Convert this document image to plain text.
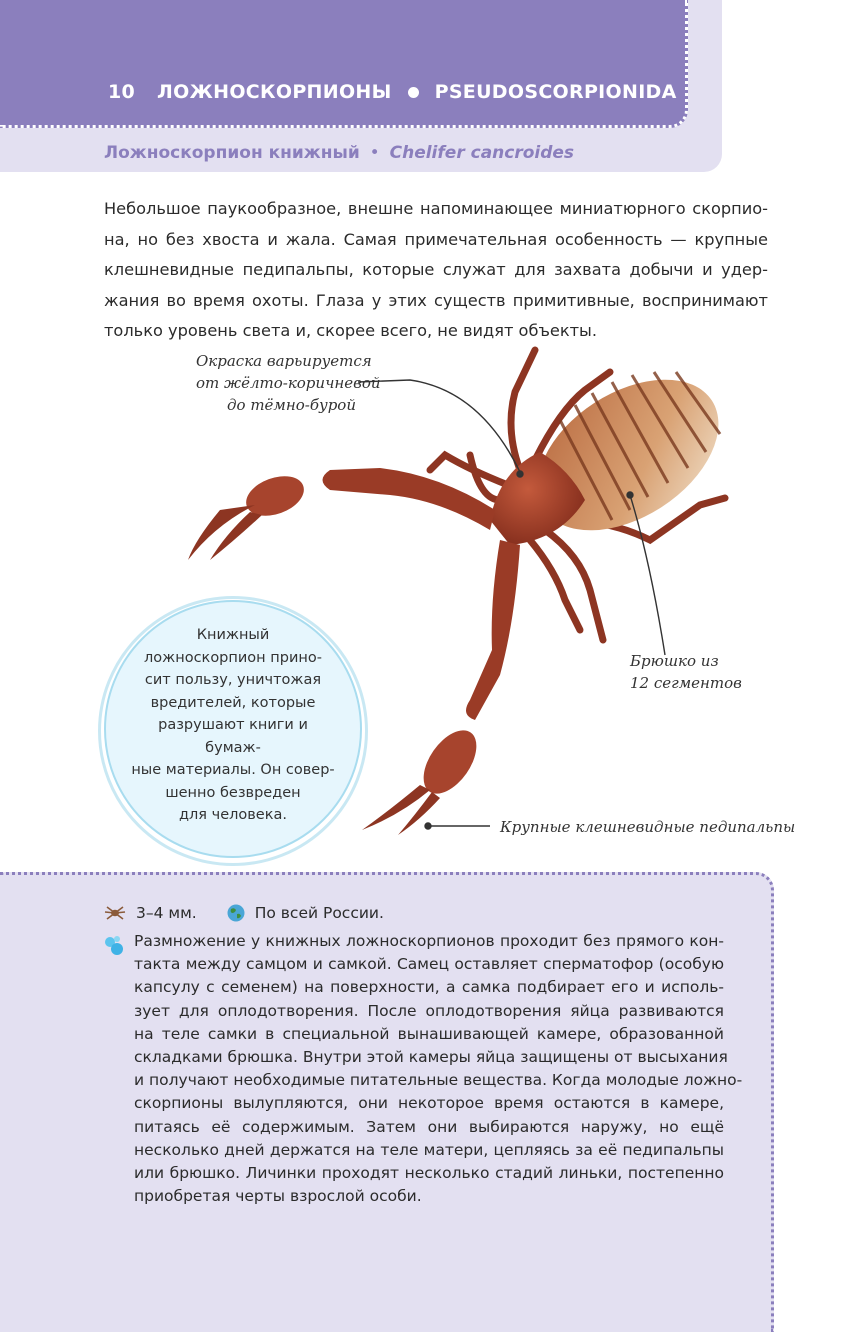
10 ЛОЖНОСКОРПИОНЫ PSEUDOSCORPIONIDA
Ложноскорпион книжный • Chelifer cancroides
Небольшое паукообразное, внешне напоминающее миниатюрного скорпио-
на, но без хвоста и жала. Самая примечательная особенность — крупные
клешневидные педипальпы, которые служат для захвата добычи и удер-
жания во время охоты. Глаза у этих существ примитивные, воспринимают
только уровень света и, скорее всего, не видят объекты.
Окраска варьируется
от жёлто-коричневой
до тёмно-бурой
Брюшко из
12 сегментов
Крупные клешневидные педипальпы
Книжный
ложноскорпион прино-
сит пользу, уничтожая
вредителей, которые
разрушают книги и бумаж-
ные материалы. Он совер-
шенно безвреден
для человека.
3–4 мм.	По всей России.
Размножение у книжных ложноскорпионов проходит без прямого кон-
такта между самцом и самкой. Самец оставляет сперматофор (особую
капсулу с семенем) на поверхности, а самка подбирает его и исполь-
зует для оплодотворения. После оплодотворения яйца развиваются
на теле самки в специальной вынашивающей камере, образованной
складками брюшка. Внутри этой камеры яйца защищены от высыхания
и получают необходимые питательные вещества. Когда молодые ложно-
скорпионы вылупляются, они некоторое время остаются в камере,
питаясь её содержимым. Затем они выбираются наружу, но ещё
несколько дней держатся на теле матери, цепляясь за её педипальпы
или брюшко. Личинки проходят несколько стадий линьки, постепенно
приобретая черты взрослой особи.
